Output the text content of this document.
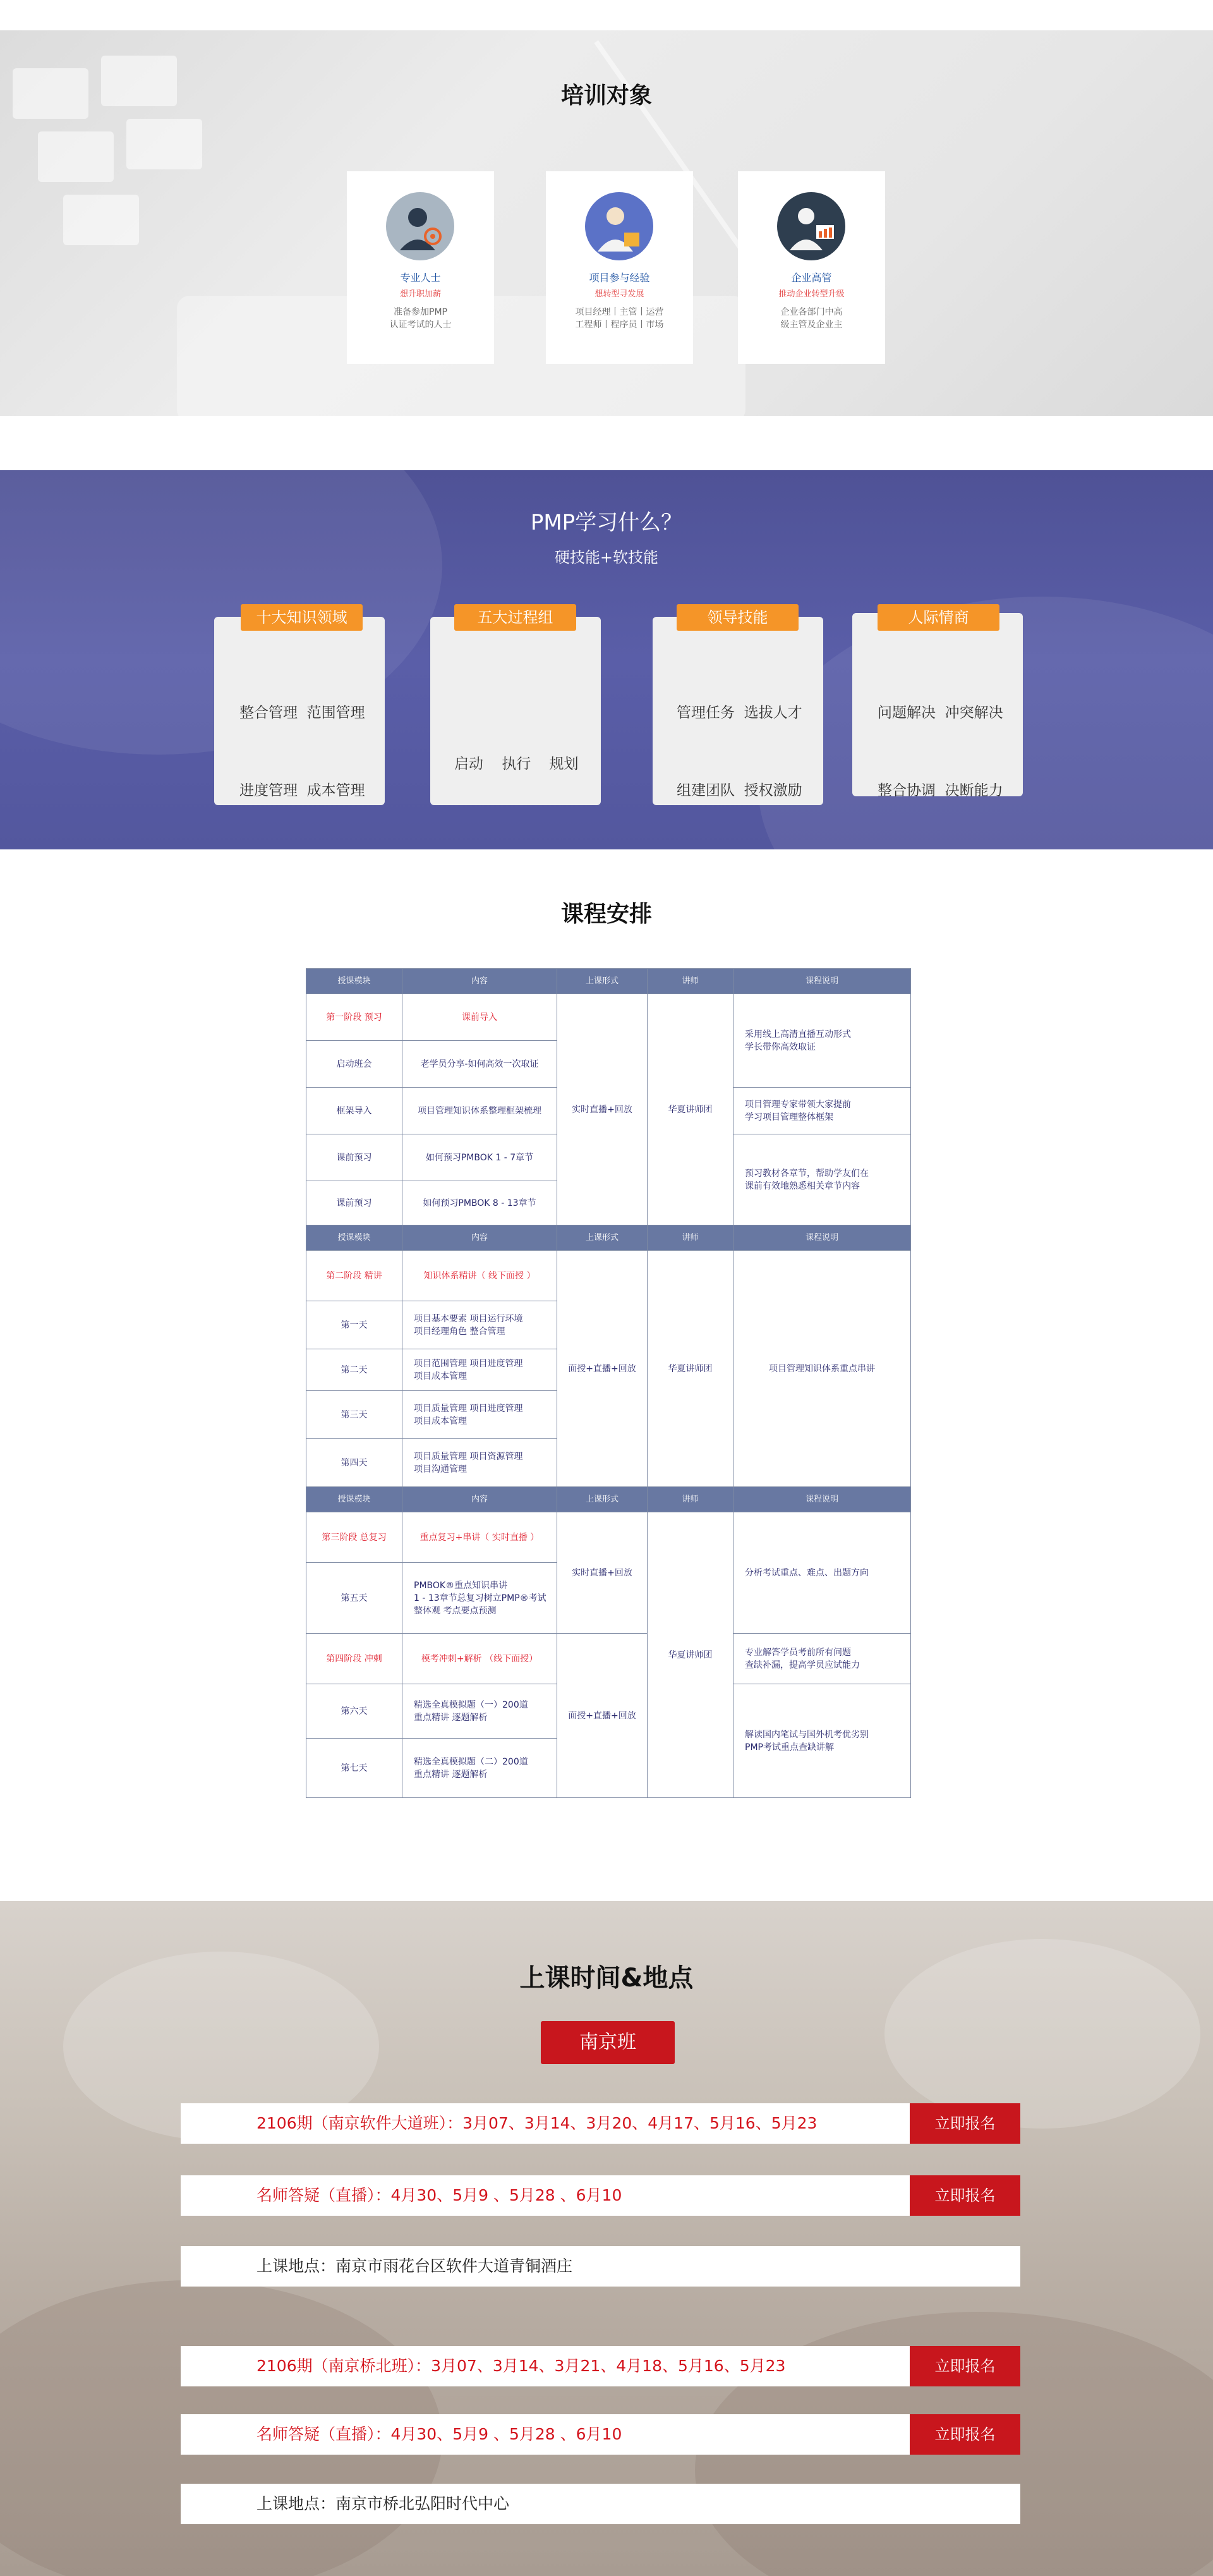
培训对象
专业人士
想升职加薪
准备参加PMP
认证考试的人士
项目参与经验
想转型寻发展
项目经理丨主管丨运营
工程师丨程序员丨市场
企业高管
推动企业转型升级
企业各部门中高
级主管及企业主
PMP学习什么？
硬技能+软技能
十大知识领域

整合管理  范围管理

进度管理  成本管理

五大过程组

启动    执行    规划

领导技能

管理任务  选拔人才

组建团队  授权激励

人际情商

问题解决  冲突解决

整合协调  决断能力

课程安排
授课模块	内容	上课形式	讲师	课程说明
第一阶段 预习	课前导入	实时直播+回放	华夏讲师团	采用线上高清直播互动形式
学长带你高效取证
启动班会	老学员分享-如何高效一次取证			
框架导入	项目管理知识体系整理框架梳理			项目管理专家带领大家提前
学习项目管理整体框架
课前预习	如何预习PMBOK 1 - 7章节			预习教材各章节，帮助学友们在
课前有效地熟悉相关章节内容
课前预习	如何预习PMBOK 8 - 13章节			
授课模块	内容	上课形式	讲师	课程说明
第二阶段 精讲	知识体系精讲（ 线下面授 ）	面授+直播+回放	华夏讲师团	项目管理知识体系重点串讲
第一天	项目基本要素 项目运行环境
项目经理角色 整合管理			
第二天	项目范围管理 项目进度管理
项目成本管理			
第三天	项目质量管理 项目进度管理
项目成本管理			
第四天	项目质量管理 项目资源管理
项目沟通管理			
授课模块	内容	上课形式	讲师	课程说明
第三阶段 总复习	重点复习+串讲（ 实时直播 ）	实时直播+回放	华夏讲师团	分析考试重点、难点、出题方向
第五天	PMBOK®重点知识串讲
1 - 13章节总复习树立PMP®考试
整体观 考点要点预测			
第四阶段 冲刺	模考冲刺+解析 （线下面授）	面授+直播+回放		专业解答学员考前所有问题
查缺补漏，提高学员应试能力
第六天	精选全真模拟题（一）200道
重点精讲 逐题解析			解读国内笔试与国外机考优劣别
PMP考试重点查缺讲解
第七天	精选全真模拟题（二）200道
重点精讲 逐题解析			
上课时间&地点
南京班
2106期（南京软件大道班）：3月07、3月14、3月20、4月17、5月16、5月23	立即报名
名师答疑（直播）：4月30、5月9 、5月28 、6月10	立即报名
上课地点：南京市雨花台区软件大道青铜酒庄
2106期（南京桥北班）：3月07、3月14、3月21、4月18、5月16、5月23	立即报名
名师答疑（直播）：4月30、5月9 、5月28 、6月10	立即报名
上课地点：南京市桥北弘阳时代中心
